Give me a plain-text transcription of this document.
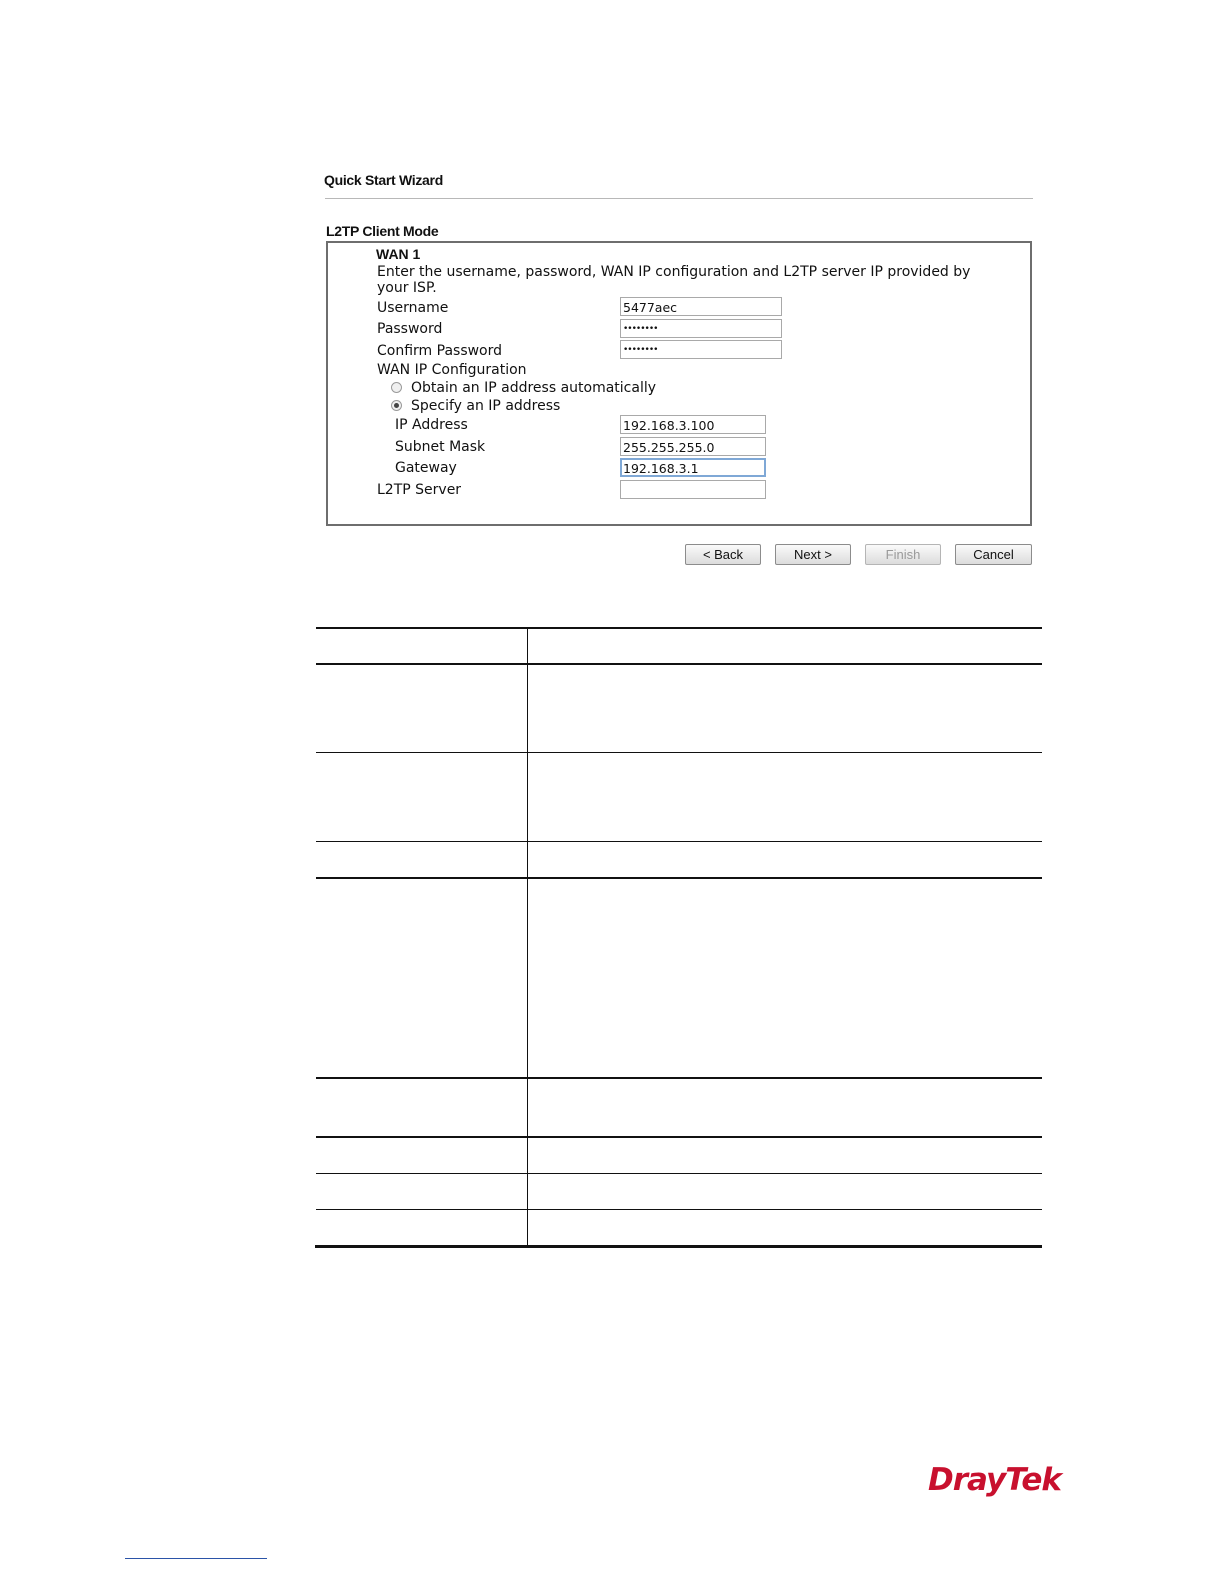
Quick Start Wizard
L2TP Client Mode
WAN 1
Enter the username, password, WAN IP configuration and L2TP server IP provided by your ISP.
Username	5477aec
Password	••••••••
Confirm Password	••••••••
WAN IP Configuration
Obtain an IP address automatically
Specify an IP address
IP Address	192.168.3.100
Subnet Mask	255.255.255.0
Gateway	192.168.3.1
L2TP Server
< Back	Next >	Finish	Cancel
DrayTek
